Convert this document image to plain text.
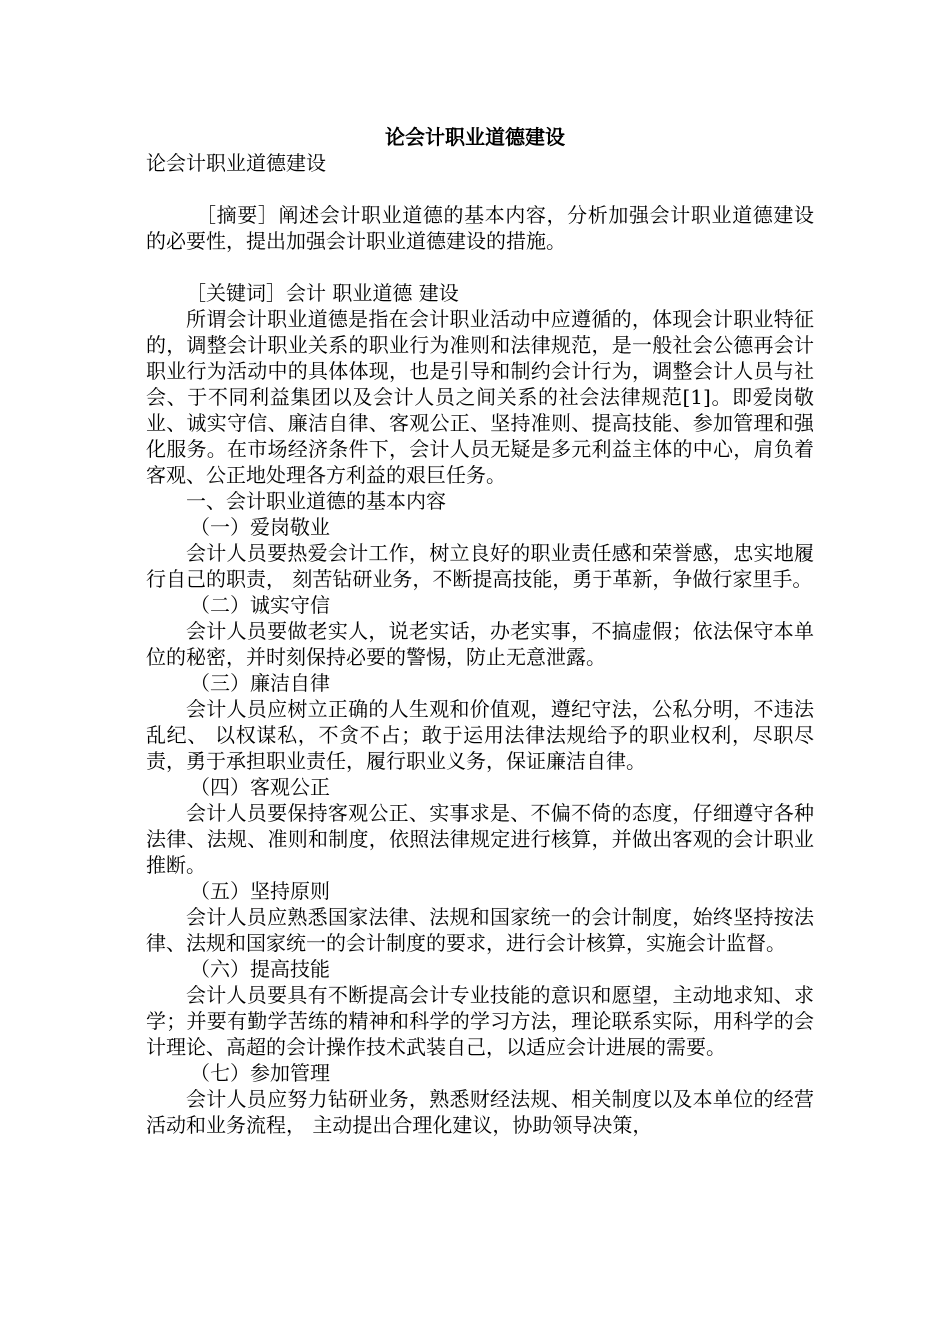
论会计职业道德建设

论会计职业道德建设

［摘要］阐述会计职业道德的基本内容，分析加强会计职业道德建设的必要性，提出加强会计职业道德建设的措施。

［关键词］会计 职业道德 建设

所谓会计职业道德是指在会计职业活动中应遵循的，体现会计职业特征的，调整会计职业关系的职业行为准则和法律规范，是一般社会公德再会计职业行为活动中的具体体现，也是引导和制约会计行为，调整会计人员与社会、于不同利益集团以及会计人员之间关系的社会法律规范[1]。即爱岗敬业、诚实守信、廉洁自律、客观公正、坚持准则、提高技能、参加管理和强化服务。在市场经济条件下，会计人员无疑是多元利益主体的中心，肩负着客观、公正地处理各方利益的艰巨任务。

一、会计职业道德的基本内容

（一）爱岗敬业

会计人员要热爱会计工作，树立良好的职业责任感和荣誉感，忠实地履行自己的职责， 刻苦钻研业务，不断提高技能，勇于革新，争做行家里手。

（二）诚实守信

会计人员要做老实人，说老实话，办老实事，不搞虚假；依法保守本单位的秘密，并时刻保持必要的警惕，防止无意泄露。

（三）廉洁自律

会计人员应树立正确的人生观和价值观，遵纪守法，公私分明，不违法乱纪、 以权谋私，不贪不占；敢于运用法律法规给予的职业权利，尽职尽责，勇于承担职业责任，履行职业义务，保证廉洁自律。

（四）客观公正

会计人员要保持客观公正、实事求是、不偏不倚的态度，仔细遵守各种法律、法规、准则和制度，依照法律规定进行核算，并做出客观的会计职业推断。

（五）坚持原则

会计人员应熟悉国家法律、法规和国家统一的会计制度，始终坚持按法律、法规和国家统一的会计制度的要求，进行会计核算，实施会计监督。

（六）提高技能

会计人员要具有不断提高会计专业技能的意识和愿望，主动地求知、求学；并要有勤学苦练的精神和科学的学习方法，理论联系实际，用科学的会计理论、高超的会计操作技术武装自己，以适应会计进展的需要。

（七）参加管理

会计人员应努力钻研业务，熟悉财经法规、相关制度以及本单位的经营活动和业务流程， 主动提出合理化建议，协助领导决策，
